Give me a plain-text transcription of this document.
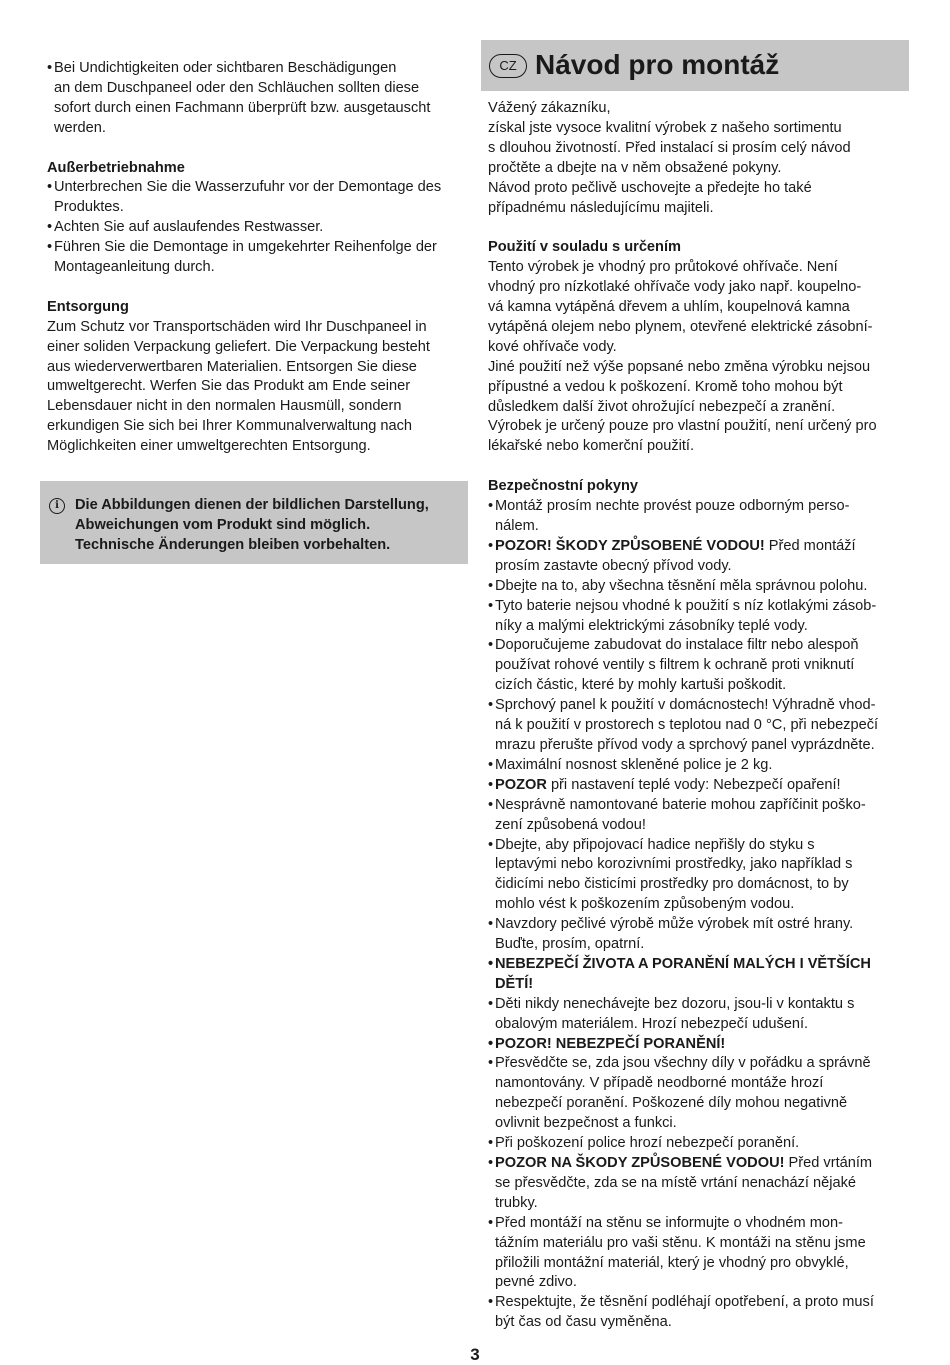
• Bei Undichtigkeiten oder sichtbaren Beschädigungen

an dem Duschpaneel oder den Schläuchen sollten diese

sofort durch einen Fachmann überprüft bzw. ausgetauscht

werden.

Außerbetriebnahme

• Unterbrechen Sie die Wasserzufuhr vor der Demontage des

Produktes.

• Achten Sie auf auslaufendes Restwasser.

• Führen Sie die Demontage in umgekehrter Reihenfolge der

Montageanleitung durch.

Entsorgung

Zum Schutz vor Transportschäden wird Ihr Duschpaneel in

einer soliden Verpackung geliefert. Die Verpackung besteht

aus wiederverwertbaren Materialien. Entsorgen Sie diese

umweltgerecht. Werfen Sie das Produkt am Ende seiner

Lebensdauer nicht in den normalen Hausmüll, sondern

erkundigen Sie sich bei Ihrer Kommunalverwaltung nach

Möglichkeiten einer umweltgerechten Entsorgung.

i	Die Abbildungen dienen der bildlichen Darstellung,

Abweichungen vom Produkt sind möglich.

Technische Änderungen bleiben vorbehalten.

CZ Návod pro montáž

Vážený zákazníku,

získal jste vysoce kvalitní výrobek z našeho sortimentu

s dlouhou životností. Před instalací si prosím celý návod

pročtěte a dbejte na v něm obsažené pokyny.

Návod proto pečlivě uschovejte a předejte ho také

případnému následujícímu majiteli.

Použití v souladu s určením

Tento výrobek je vhodný pro průtokové ohřívače. Není

vhodný pro nízkotlaké ohřívače vody jako např. koupelno-

vá kamna vytápěná dřevem a uhlím, koupelnová kamna

vytápěná olejem nebo plynem, otevřené elektrické zásobní-

kové ohřívače vody.

Jiné použití než výše popsané nebo změna výrobku nejsou

přípustné a vedou k poškození. Kromě toho mohou být

důsledkem další život ohrožující nebezpečí a zranění.

Výrobek je určený pouze pro vlastní použití, není určený pro

lékařské nebo komerční použití.

Bezpečnostní pokyny

• Montáž prosím nechte provést pouze odborným perso-

nálem.

• POZOR! ŠKODY ZPŮSOBENÉ VODOU! Před montáží

prosím zastavte obecný přívod vody.

• Dbejte na to, aby všechna těsnění měla správnou polohu.

• Tyto baterie nejsou vhodné k použití s níz kotlakými zásob-

níky a malými elektrickými zásobníky teplé vody.

• Doporučujeme zabudovat do instalace filtr nebo alespoň

používat rohové ventily s filtrem k ochraně proti vniknutí

cizích částic, které by mohly kartuši poškodit.

• Sprchový panel k použití v domácnostech! Výhradně vhod-

ná k použití v prostorech s teplotou nad 0 °C, při nebezpečí

mrazu přerušte přívod vody a sprchový panel vyprázdněte.

• Maximální nosnost skleněné police je 2 kg.

• POZOR při nastavení teplé vody: Nebezpečí opaření!

• Nesprávně namontované baterie mohou zapříčinit poško-

zení způsobená vodou!

• Dbejte, aby připojovací hadice nepřišly do styku s

leptavými nebo korozivními prostředky, jako například s

čidicími nebo čisticími prostředky pro domácnost, to by

mohlo vést k poškozením způsobeným vodou.

• Navzdory pečlivé výrobě může výrobek mít ostré hrany.

Buďte, prosím, opatrní.

• NEBEZPEČÍ ŽIVOTA A PORANĚNÍ MALÝCH I VĚTŠÍCH

DĚTÍ!

• Děti nikdy nenechávejte bez dozoru, jsou-li v kontaktu s

obalovým materiálem. Hrozí nebezpečí udušení.

• POZOR! NEBEZPEČÍ PORANĚNÍ!

• Přesvědčte se, zda jsou všechny díly v pořádku a správně

namontovány. V případě neodborné montáže hrozí

nebezpečí poranění. Poškozené díly mohou negativně

ovlivnit bezpečnost a funkci.

• Při poškození police hrozí nebezpečí poranění.

• POZOR NA ŠKODY ZPŮSOBENÉ VODOU! Před vrtáním

se přesvědčte, zda se na místě vrtání nenachází nějaké

trubky.

• Před montáží na stěnu se informujte o vhodném mon-

tážním materiálu pro vaši stěnu. K montáži na stěnu jsme

přiložili montážní materiál, který je vhodný pro obvyklé,

pevné zdivo.

• Respektujte, že těsnění podléhají opotřebení, a proto musí

být čas od času vyměněna.

3
